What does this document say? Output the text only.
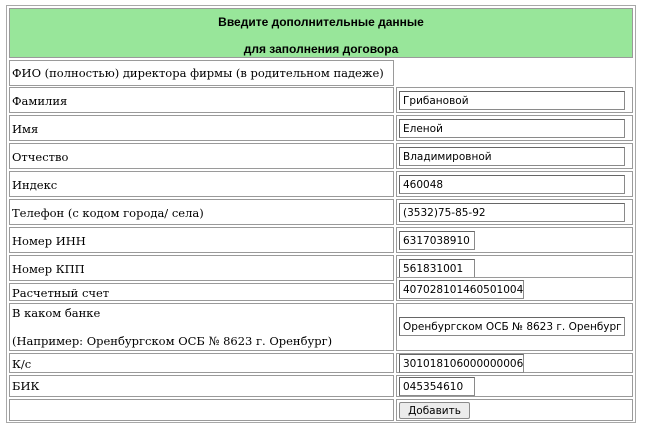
Введите дополнительные данные
для заполнения договора
ФИО (полностью) директора фирмы (в родительном падеже)
Фамилия
Грибановой
Имя
Еленой
Отчество
Владимировной
Индекс
460048
Телефон (с кодом города/ села)
(3532)75-85-92
Номер ИНН
6317038910
Номер КПП
561831001
Расчетный счет
40702810146050100425
В каком банке
(Например: Оренбургском ОСБ № 8623 г. Оренбург)
Оренбургском ОСБ № 8623 г. Оренбург
К/с
30101810600000000610
БИК
045354610
Добавить
